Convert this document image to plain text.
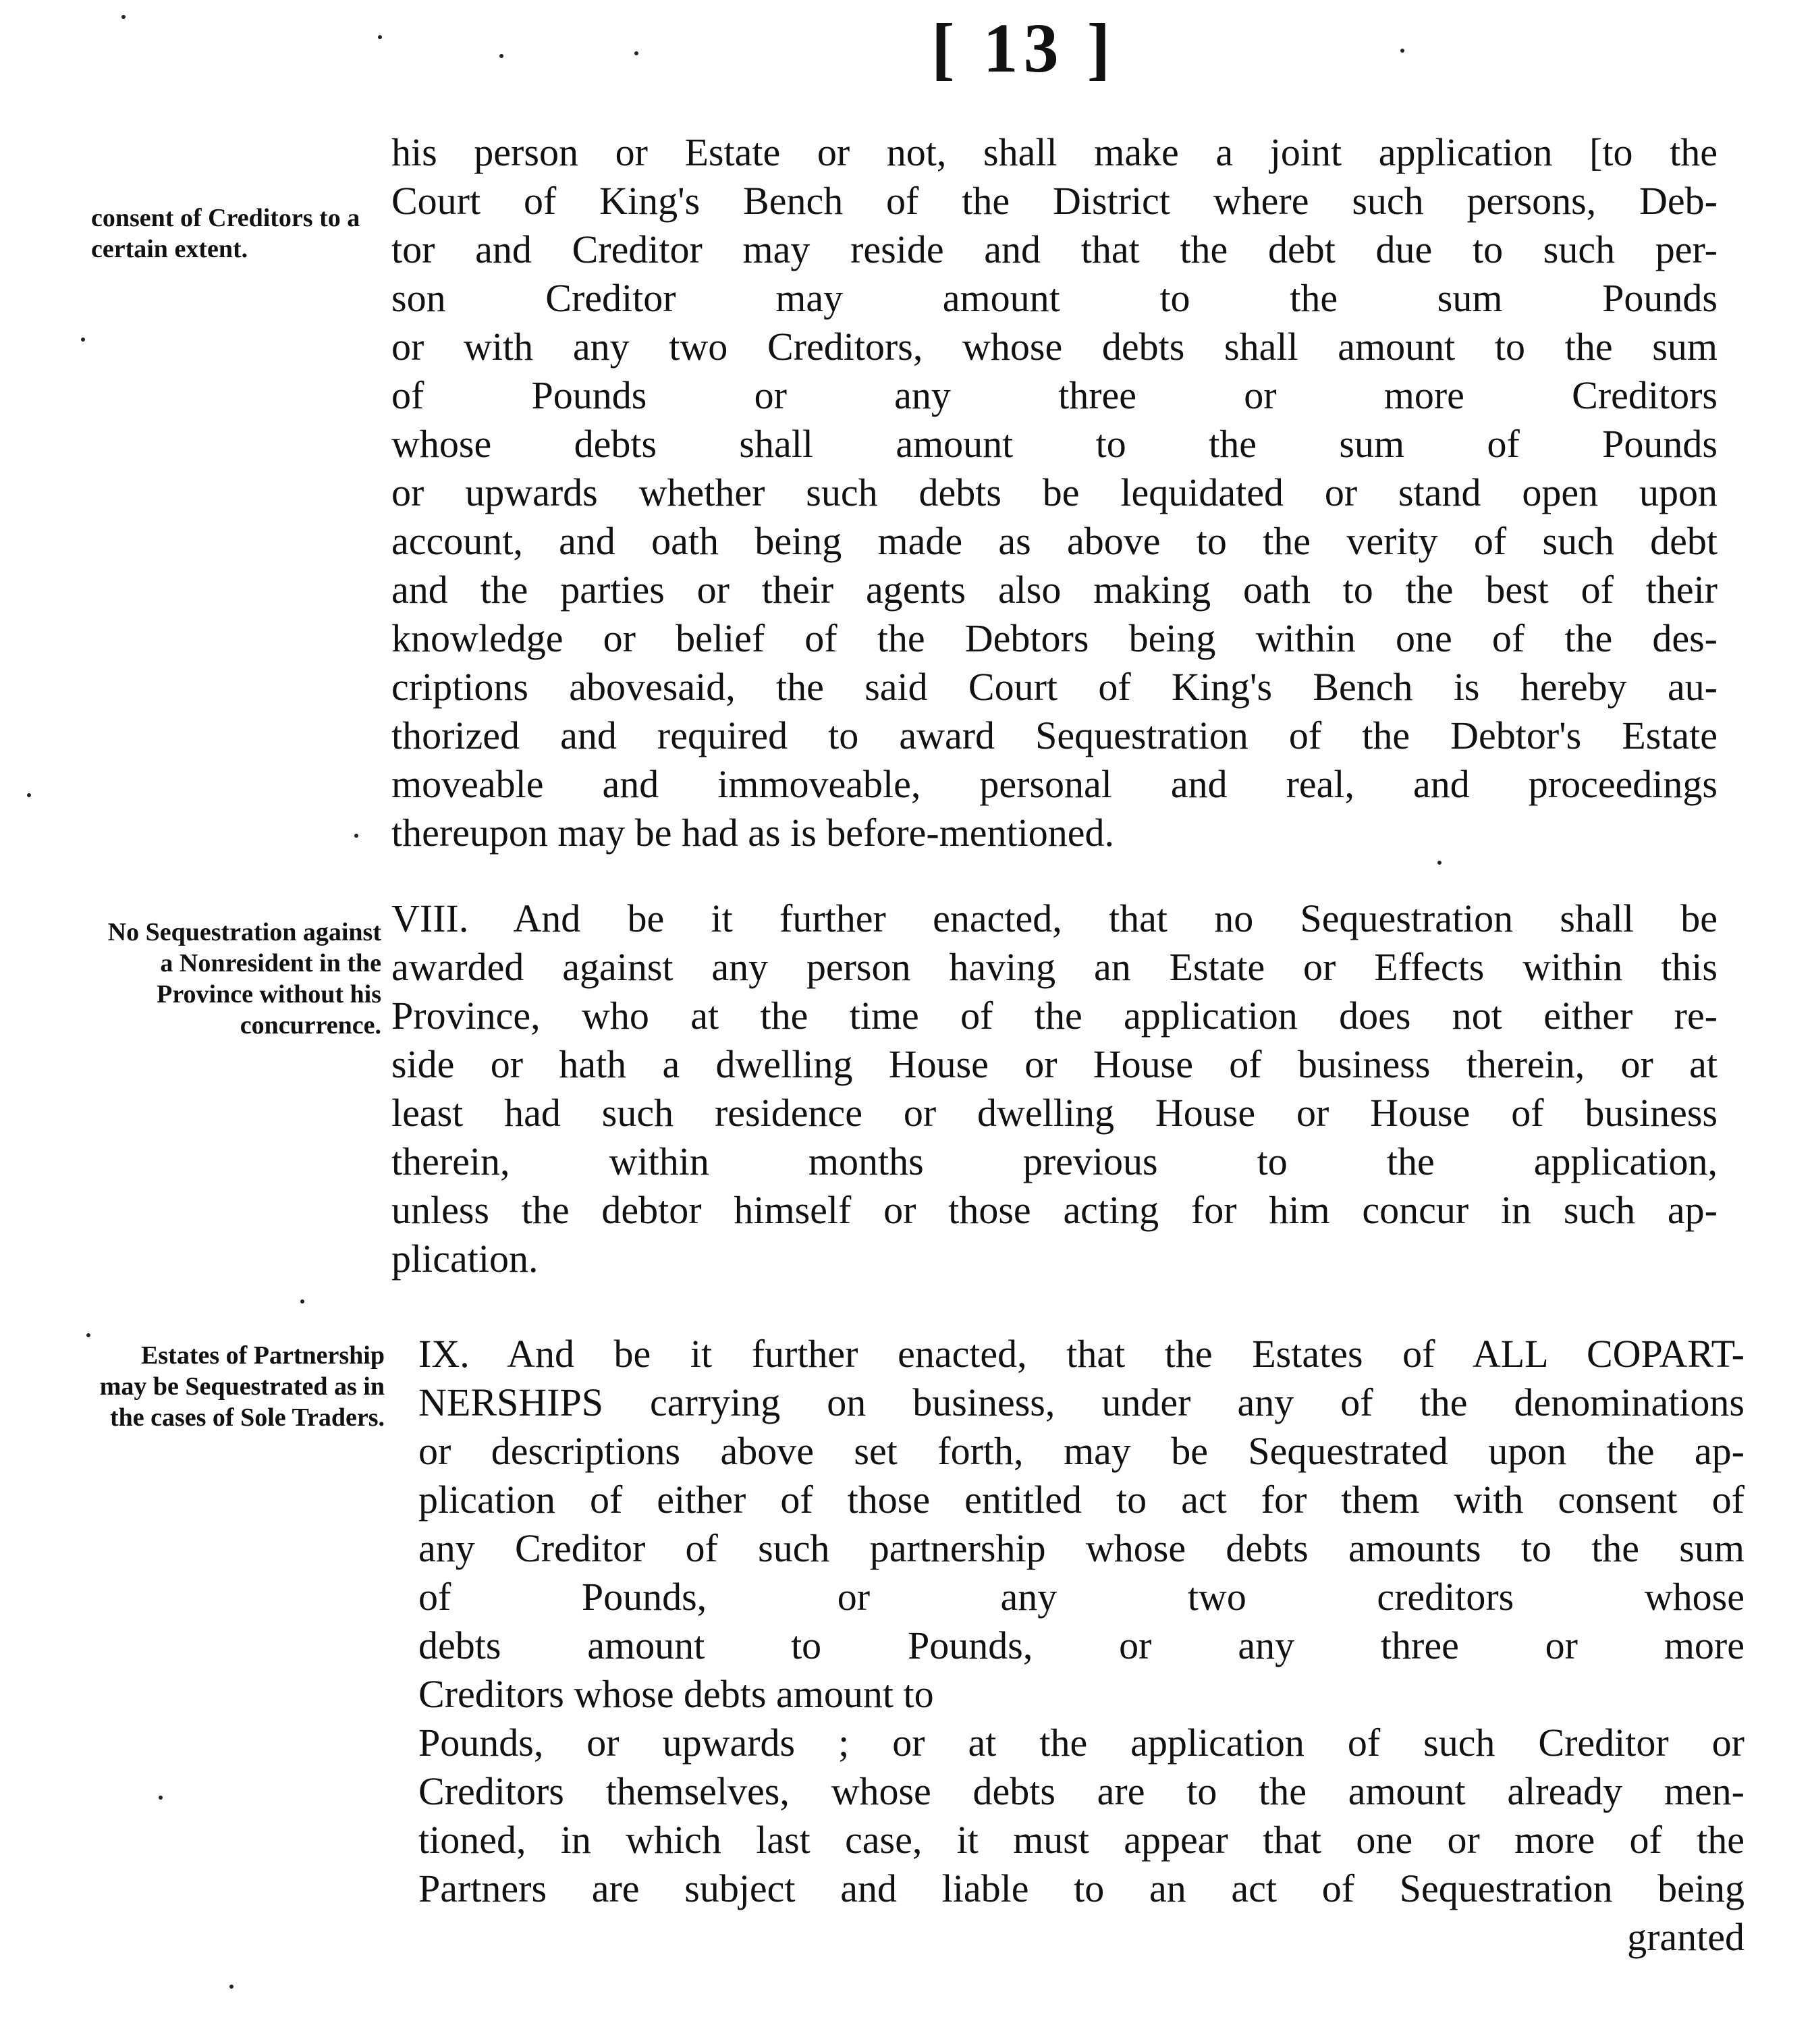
[ 13 ]
consent of Creditors to a certain extent.
No Sequestration against a Nonresident in the Province without his concurrence.
Estates of Partnership may be Sequestrated as in the cases of Sole Traders.
his person or Estate or not, shall make a joint application [to the
Court of King's Bench of the District where such persons, Deb-
tor and Creditor may reside and that the debt due to such per-
son Creditor may amount to the sum Pounds
or with any two Creditors, whose debts shall amount to the sum
of Pounds or any three or more Creditors
whose debts shall amount to the sum of Pounds
or upwards whether such debts be lequidated or stand open upon
account, and oath being made as above to the verity of such debt
and the parties or their agents also making oath to the best of their
knowledge or belief of the Debtors being within one of the des-
criptions abovesaid, the said Court of King's Bench is hereby au-
thorized and required to award Sequestration of the Debtor's Estate
moveable and immoveable, personal and real, and proceedings
thereupon may be had as is before-mentioned.
VIII. And be it further enacted, that no Sequestration shall be
awarded against any person having an Estate or Effects within this
Province, who at the time of the application does not either re-
side or hath a dwelling House or House of business therein, or at
least had such residence or dwelling House or House of business
therein, within months previous to the application,
unless the debtor himself or those acting for him concur in such ap-
plication.
IX. And be it further enacted, that the Estates of ALL COPART-
NERSHIPS carrying on business, under any of the denominations
or descriptions above set forth, may be Sequestrated upon the ap-
plication of either of those entitled to act for them with consent of
any Creditor of such partnership whose debts amounts to the sum
of Pounds, or any two creditors whose
debts amount to Pounds, or any three or more
Creditors whose debts amount to
Pounds, or upwards ; or at the application of such Creditor or
Creditors themselves, whose debts are to the amount already men-
tioned, in which last case, it must appear that one or more of the
Partners are subject and liable to an act of Sequestration being
granted
